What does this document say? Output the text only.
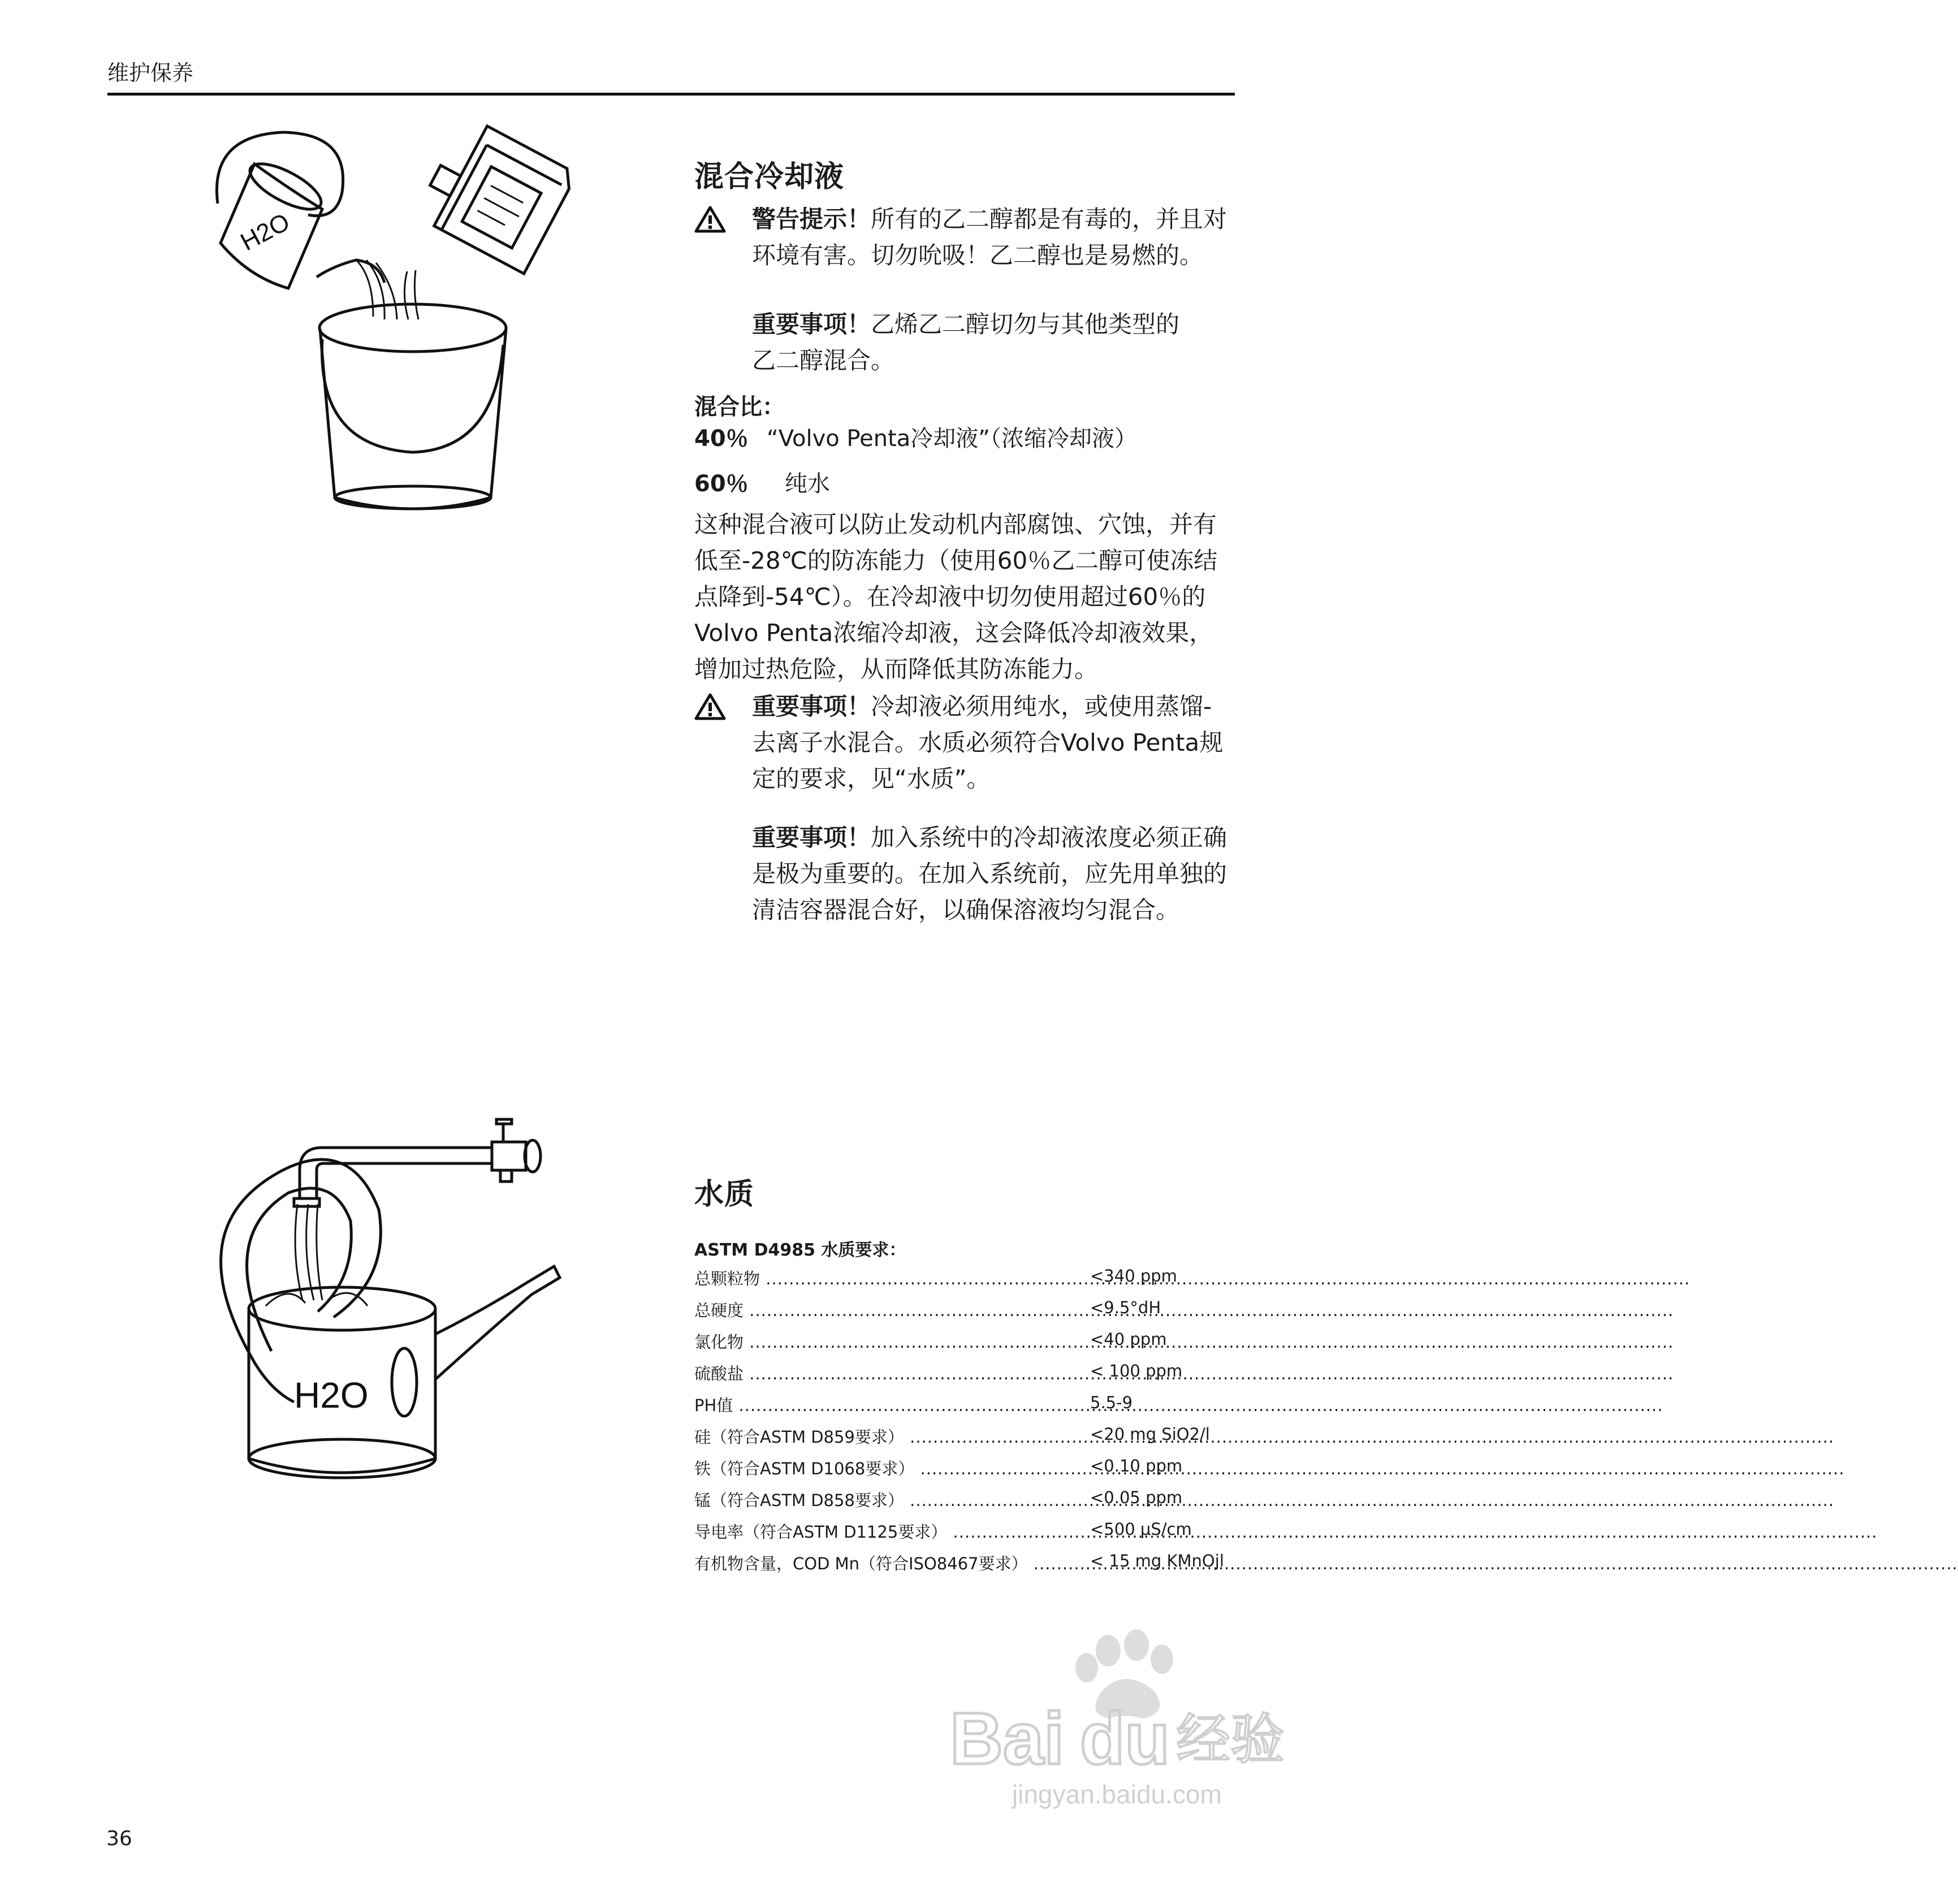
维护保养
H2O
混合冷却液
警告提示！所有的乙二醇都是有毒的，并且对
环境有害。切勿吮吸！乙二醇也是易燃的。
重要事项！乙烯乙二醇切勿与其他类型的
乙二醇混合。
混合比：
40％ “Volvo Penta冷却液”（浓缩冷却液）
60％ 纯水
这种混合液可以防止发动机内部腐蚀、穴蚀，并有
低至-28℃的防冻能力（使用60％乙二醇可使冻结
点降到-54℃）。在冷却液中切勿使用超过60％的
Volvo Penta浓缩冷却液，这会降低冷却液效果，
增加过热危险，从而降低其防冻能力。
重要事项！冷却液必须用纯水，或使用蒸馏-
去离子水混合。水质必须符合Volvo Penta规
定的要求，见“水质”。
重要事项！加入系统中的冷却液浓度必须正确
是极为重要的。在加入系统前，应先用单独的
清洁容器混合好，以确保溶液均匀混合。
H2O
水质
ASTM D4985 水质要求：
总颗粒物 .....	<340 ppm
总硬度 .....	<9.5°dH
氯化物 .....	<40 ppm
硫酸盐 .....	< 100 ppm
PH值 .....	5.5-9
硅（符合ASTM D859要求） .....	<20 mg SiO2/l
铁（符合ASTM D1068要求） .....	<0.10 ppm
锰（符合ASTM D858要求） .....	<0.05 ppm
导电率（符合ASTM D1125要求） .....	<500 μS/cm
有机物含量，COD Mn（符合ISO8467要求） .....	< 15 mg KMnOjl
Bai du 经验
jingyan.baidu.com
36
